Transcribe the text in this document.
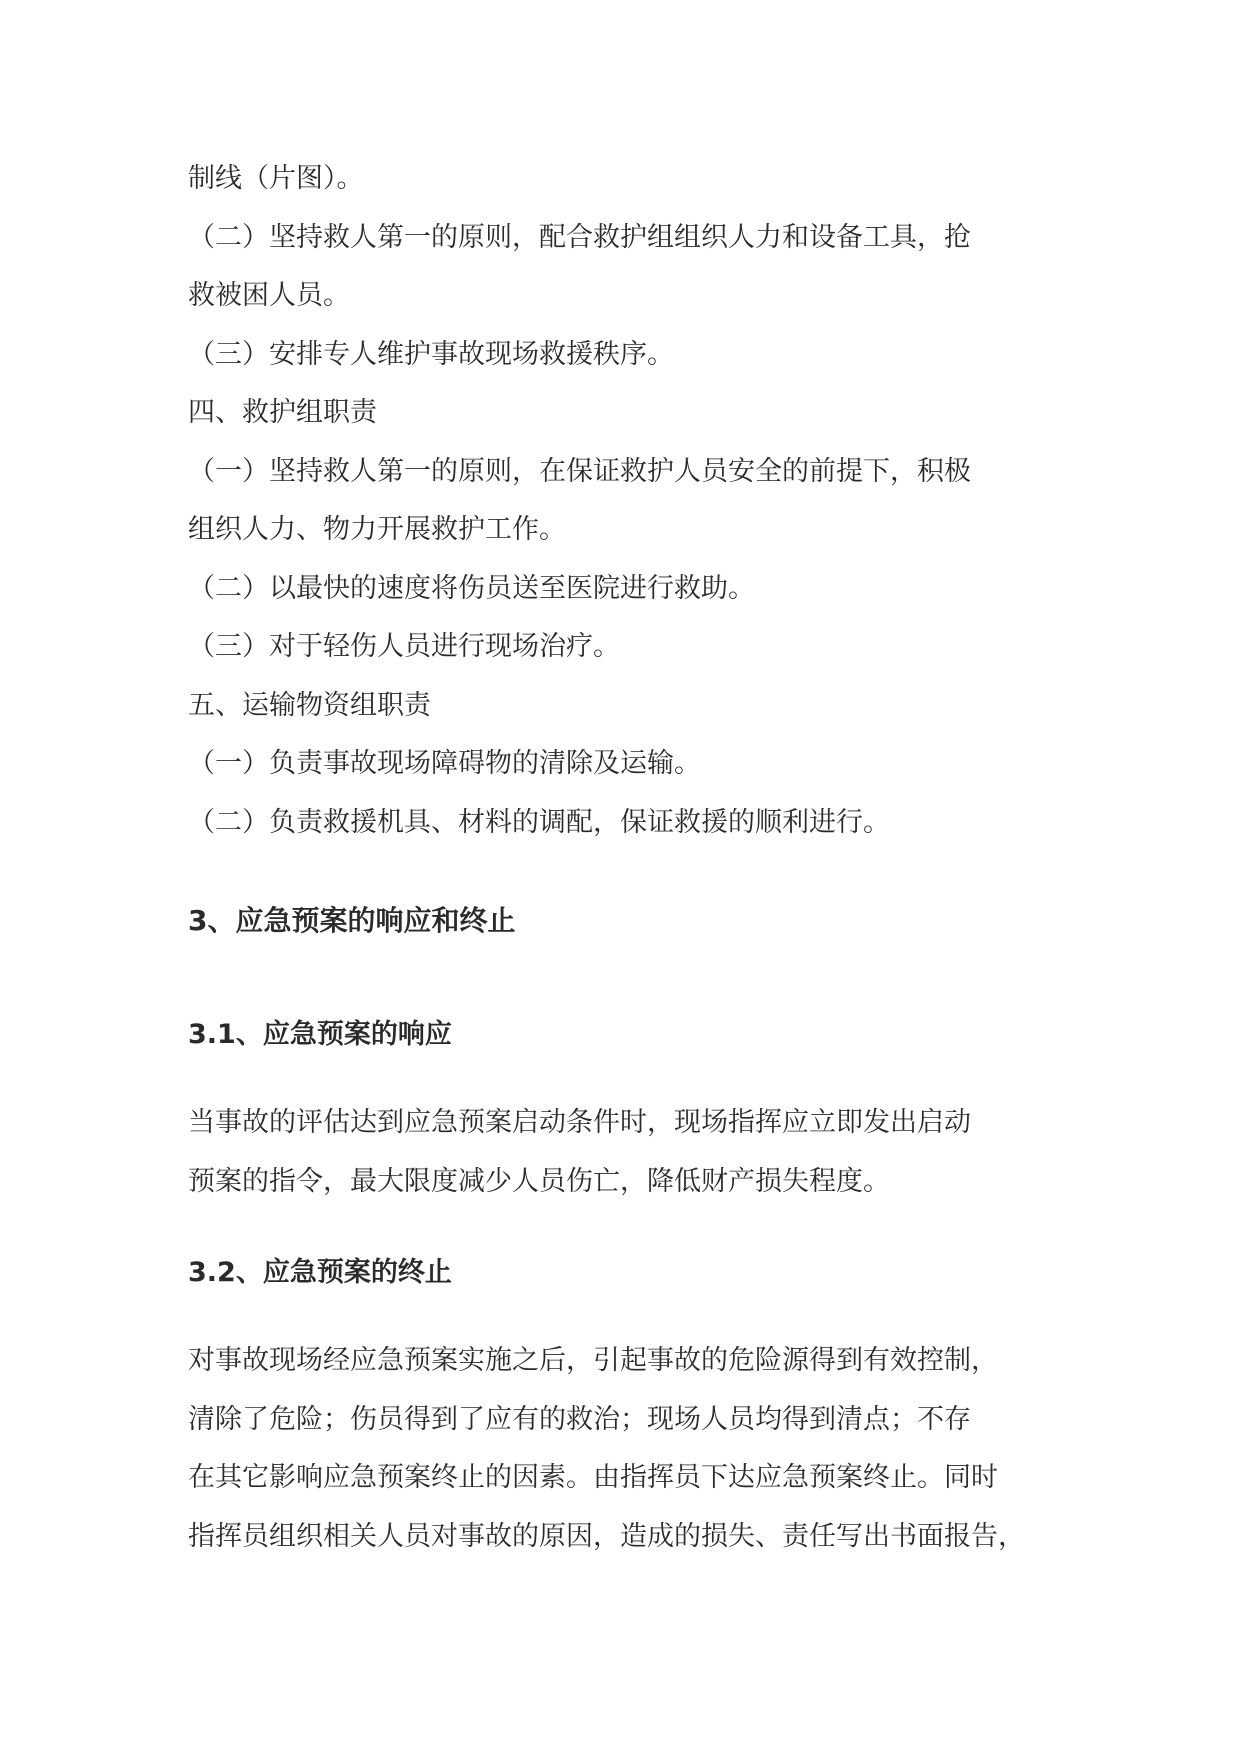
制线（片图）。

（二）坚持救人第一的原则，配合救护组组织人力和设备工具，抢

救被困人员。

（三）安排专人维护事故现场救援秩序。

四、救护组职责

（一）坚持救人第一的原则，在保证救护人员安全的前提下，积极

组织人力、物力开展救护工作。

（二）以最快的速度将伤员送至医院进行救助。

（三）对于轻伤人员进行现场治疗。

五、运输物资组职责

（一）负责事故现场障碍物的清除及运输。

（二）负责救援机具、材料的调配，保证救援的顺利进行。

3、应急预案的响应和终止
3.1、应急预案的响应

当事故的评估达到应急预案启动条件时，现场指挥应立即发出启动

预案的指令，最大限度减少人员伤亡，降低财产损失程度。

3.2、应急预案的终止

对事故现场经应急预案实施之后，引起事故的危险源得到有效控制，

清除了危险；伤员得到了应有的救治；现场人员均得到清点；不存

在其它影响应急预案终止的因素。由指挥员下达应急预案终止。同时

指挥员组织相关人员对事故的原因，造成的损失、责任写出书面报告，
